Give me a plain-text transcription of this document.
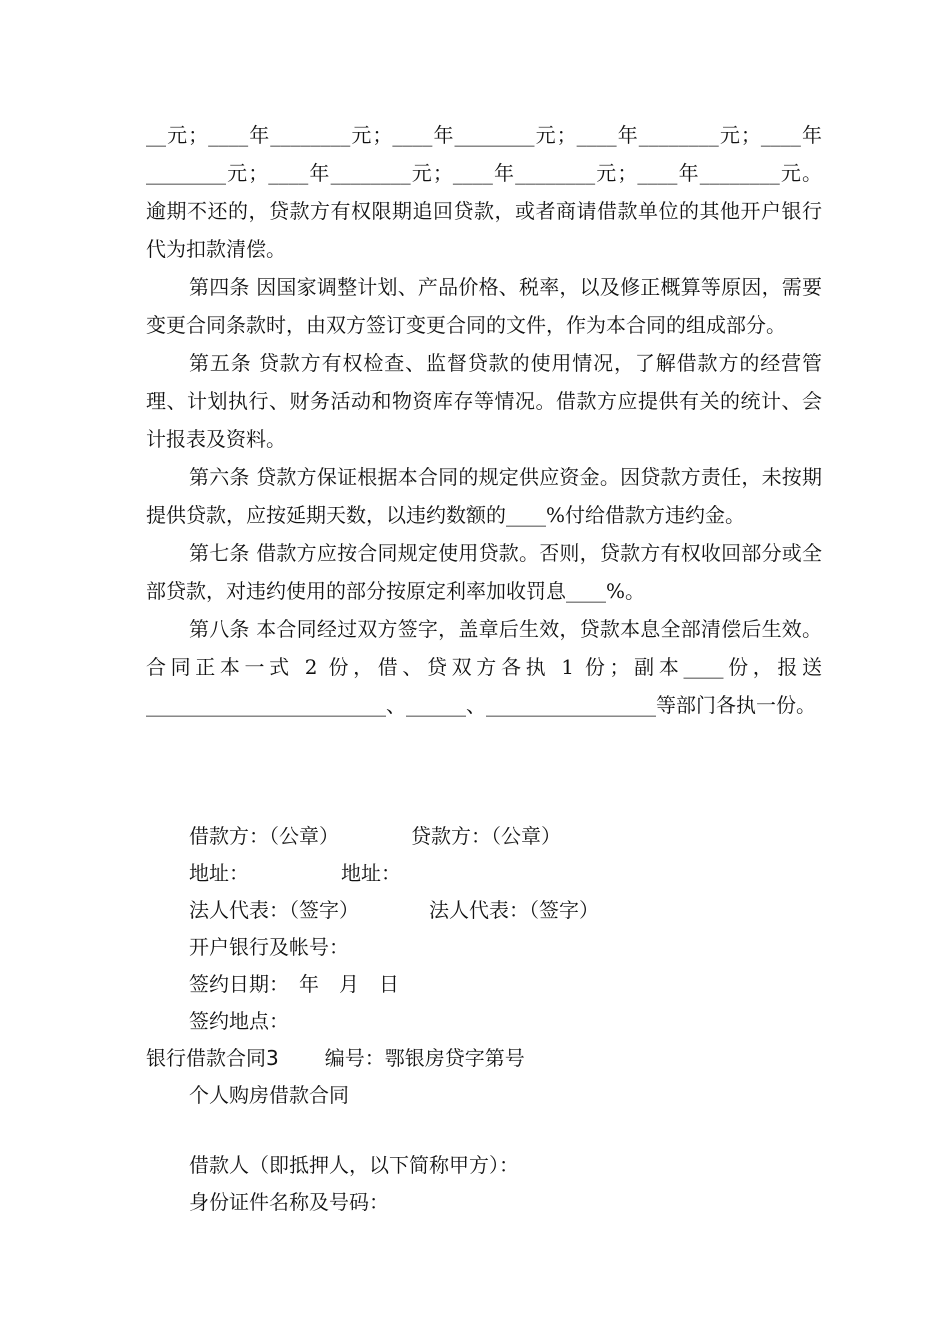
__元；____年________元；____年________元；____年________元；____年________元；____年________元；____年________元；____年________元。逾期不还的，贷款方有权限期追回贷款，或者商请借款单位的其他开户银行代为扣款清偿。

第四条 因国家调整计划、产品价格、税率，以及修正概算等原因，需要变更合同条款时，由双方签订变更合同的文件，作为本合同的组成部分。

第五条 贷款方有权检查、监督贷款的使用情况，了解借款方的经营管理、计划执行、财务活动和物资库存等情况。借款方应提供有关的统计、会计报表及资料。

第六条 贷款方保证根据本合同的规定供应资金。因贷款方责任，未按期提供贷款，应按延期天数，以违约数额的____%付给借款方违约金。

第七条 借款方应按合同规定使用贷款。否则，贷款方有权收回部分或全部贷款，对违约使用的部分按原定利率加收罚息____%。

第八条 本合同经过双方签字，盖章后生效，贷款本息全部清偿后生效。合同正本一式 2 份，借、贷双方各执 1 份；副本____份，报送________________________、______、_________________等部门各执一份。

借款方：（公章）	贷款方：（公章）

地址：	地址：

法人代表：（签字）	法人代表：（签字）

开户银行及帐号：

签约日期：　年　月　日

签约地点：

银行借款合同3 编号：鄂银房贷字第号

个人购房借款合同

借款人（即抵押人，以下简称甲方）：

身份证件名称及号码：
